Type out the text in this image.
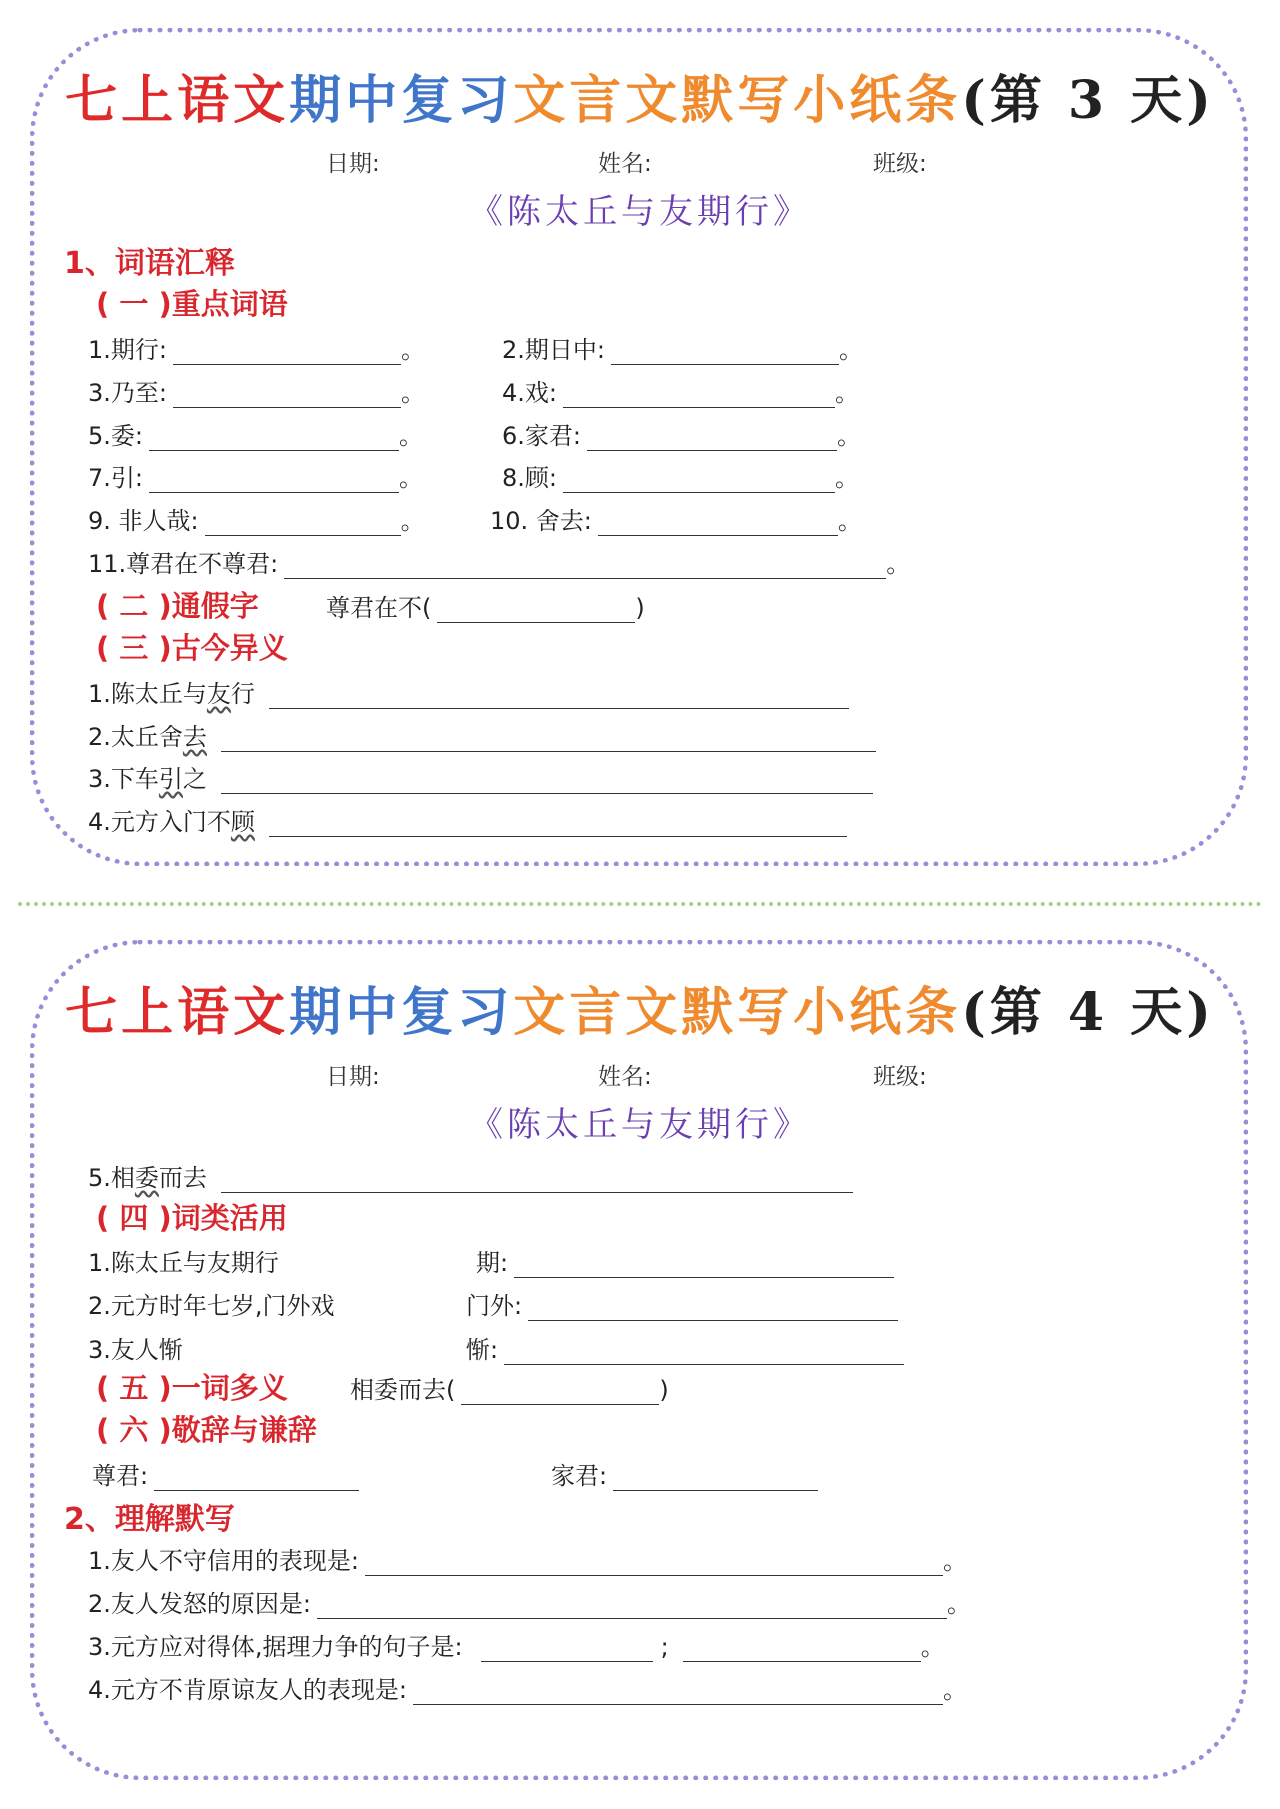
七上语文期中复习文言文默写小纸条(第 3 天)
日期:	姓名:	班级:
《陈太丘与友期行》
1、词语汇释
( 一 )重点词语
1.期行:	。	2.期日中:	。
3.乃至:	。	4.戏:	。
5.委:	。	6.家君:	。
7.引:	。	8.顾:	。
9. 非人哉:	。	10. 舍去:	。
11.尊君在不尊君:	。
( 二 )通假字	尊君在不(	)
( 三 )古今异义
1.陈太丘与友行
2.太丘舍去
3.下车引之
4.元方入门不顾
七上语文期中复习文言文默写小纸条(第 4 天)
日期:	姓名:	班级:
《陈太丘与友期行》
5.相委而去
( 四 )词类活用
1.陈太丘与友期行	期:
2.元方时年七岁,门外戏	门外:
3.友人惭	惭:
( 五 )一词多义	相委而去(	)
( 六 )敬辞与谦辞
尊君:	家君:
2、理解默写
1.友人不守信用的表现是:	。
2.友人发怒的原因是:	。
3.元方应对得体,据理力争的句子是:	;	。
4.元方不肯原谅友人的表现是:	。
